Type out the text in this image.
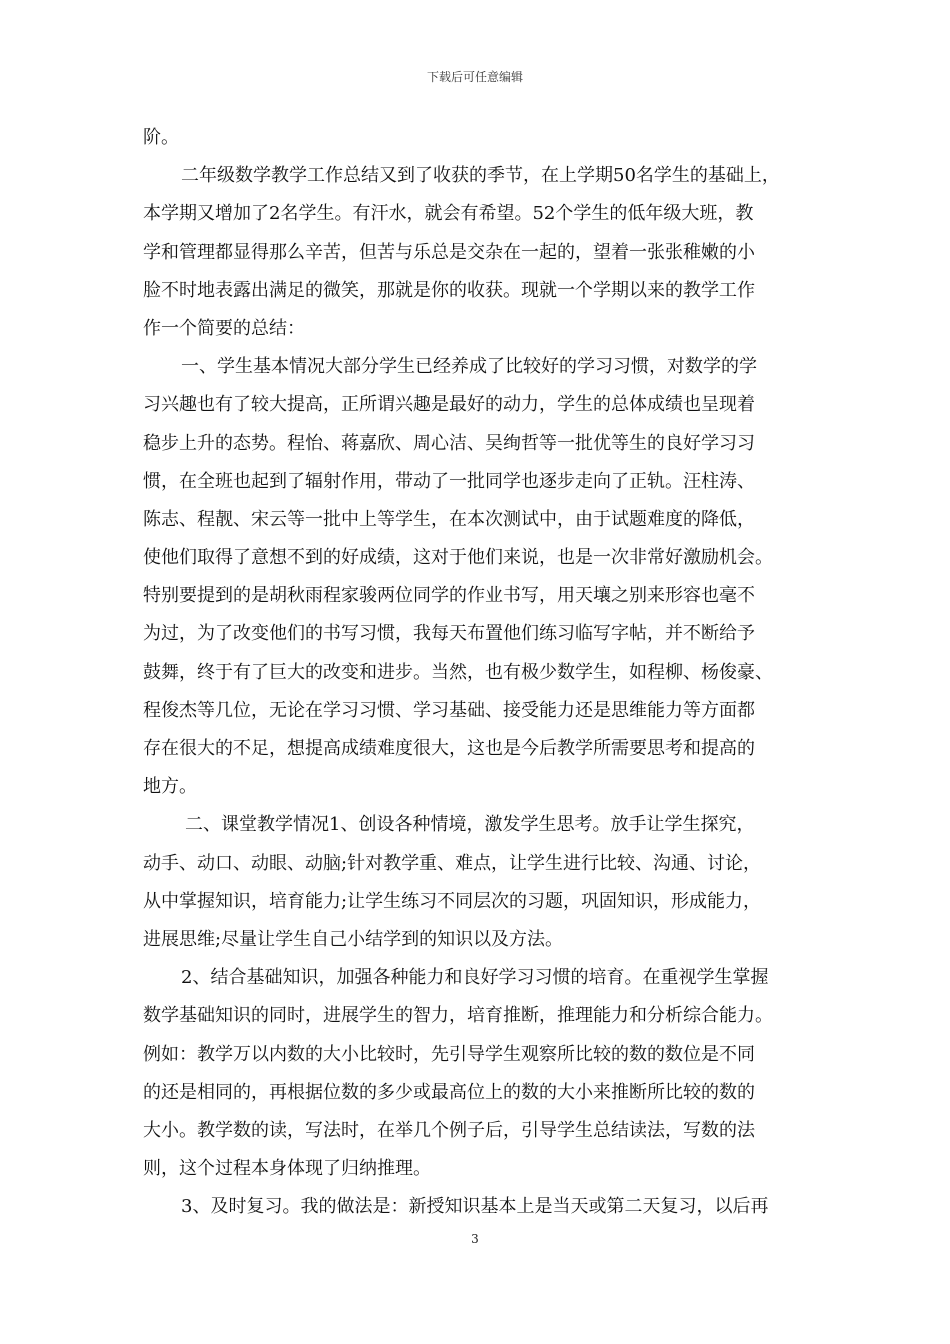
下载后可任意编辑
阶。
二年级数学教学工作总结又到了收获的季节，在上学期50名学生的基础上，
本学期又增加了2名学生。有汗水，就会有希望。52个学生的低年级大班，教
学和管理都显得那么辛苦，但苦与乐总是交杂在一起的，望着一张张稚嫩的小
脸不时地表露出满足的微笑，那就是你的收获。现就一个学期以来的教学工作
作一个简要的总结：
一、学生基本情况大部分学生已经养成了比较好的学习习惯，对数学的学
习兴趣也有了较大提高，正所谓兴趣是最好的动力，学生的总体成绩也呈现着
稳步上升的态势。程怡、蒋嘉欣、周心洁、吴绚哲等一批优等生的良好学习习
惯，在全班也起到了辐射作用，带动了一批同学也逐步走向了正轨。汪柱涛、
陈志、程靓、宋云等一批中上等学生，在本次测试中，由于试题难度的降低，
使他们取得了意想不到的好成绩，这对于他们来说，也是一次非常好激励机会。
特别要提到的是胡秋雨程家骏两位同学的作业书写，用天壤之别来形容也毫不
为过，为了改变他们的书写习惯，我每天布置他们练习临写字帖，并不断给予
鼓舞，终于有了巨大的改变和进步。当然，也有极少数学生，如程柳、杨俊豪、
程俊杰等几位，无论在学习习惯、学习基础、接受能力还是思维能力等方面都
存在很大的不足，想提高成绩难度很大，这也是今后教学所需要思考和提高的
地方。
二、课堂教学情况1、创设各种情境，激发学生思考。放手让学生探究，
动手、动口、动眼、动脑;针对教学重、难点，让学生进行比较、沟通、讨论，
从中掌握知识，培育能力;让学生练习不同层次的习题，巩固知识，形成能力，
进展思维;尽量让学生自己小结学到的知识以及方法。
2、结合基础知识，加强各种能力和良好学习习惯的培育。在重视学生掌握
数学基础知识的同时，进展学生的智力，培育推断，推理能力和分析综合能力。
例如：教学万以内数的大小比较时，先引导学生观察所比较的数的数位是不同
的还是相同的，再根据位数的多少或最高位上的数的大小来推断所比较的数的
大小。教学数的读，写法时，在举几个例子后，引导学生总结读法，写数的法
则，这个过程本身体现了归纳推理。
3、及时复习。我的做法是：新授知识基本上是当天或第二天复习，以后再
3
